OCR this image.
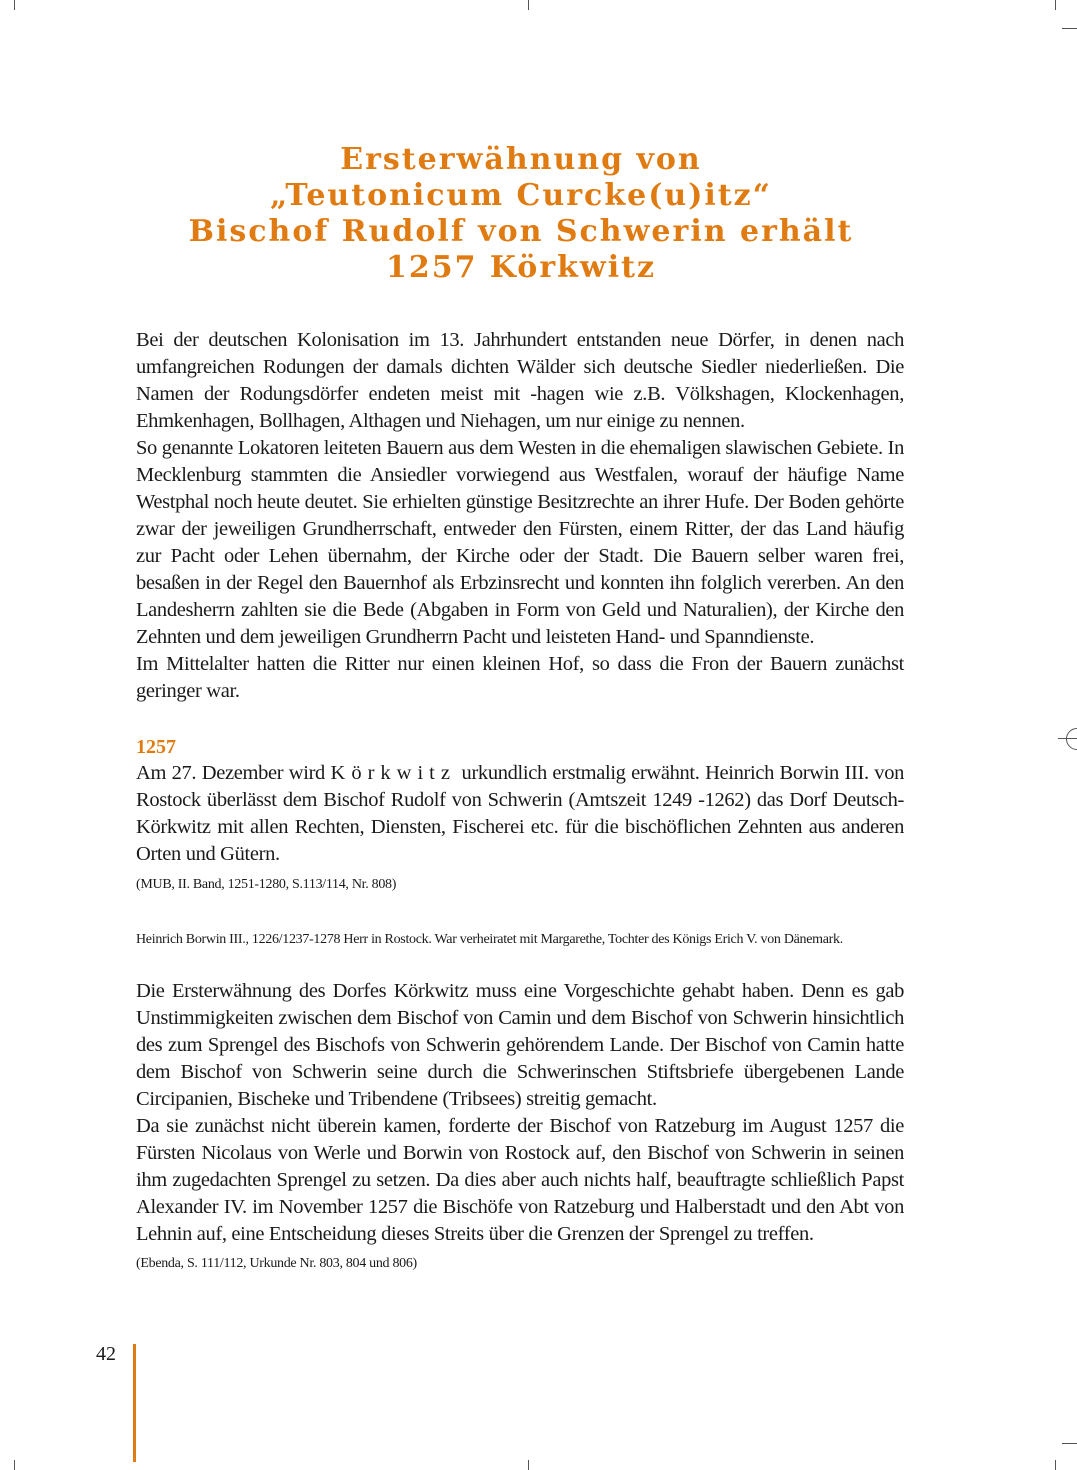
Ersterwähnung von
„Teutonicum Curcke(u)itz“
Bischof Rudolf von Schwerin erhält
1257 Körkwitz

Bei der deutschen Kolonisation im 13. Jahrhundert entstanden neue Dörfer, in denen nach umfangreichen Rodungen der damals dichten Wälder sich deutsche Siedler niederließen. Die Namen der Rodungsdörfer endeten meist mit -hagen wie z.B. Völkshagen, Klockenhagen, Ehmkenhagen, Bollhagen, Althagen und Niehagen, um nur einige zu nennen.

So genannte Lokatoren leiteten Bauern aus dem Westen in die ehemaligen slawischen Gebiete. In Mecklenburg stammten die Ansiedler vorwiegend aus Westfalen, worauf der häufige Name Westphal noch heute deutet. Sie erhielten günstige Besitzrechte an ihrer Hufe. Der Boden gehörte zwar der jeweiligen Grundherrschaft, entweder den Fürsten, einem Ritter, der das Land häufig zur Pacht oder Lehen übernahm, der Kirche oder der Stadt. Die Bauern selber waren frei, besaßen in der Regel den Bauernhof als Erbzinsrecht und konnten ihn folglich vererben. An den Landesherrn zahlten sie die Bede (Abgaben in Form von Geld und Naturalien), der Kirche den Zehnten und dem jeweiligen Grundherrn Pacht und leisteten Hand- und Spanndienste.

Im Mittelalter hatten die Ritter nur einen kleinen Hof, so dass die Fron der Bauern zunächst geringer war.

1257

Am 27. Dezember wird Körkwitz urkundlich erstmalig erwähnt. Heinrich Borwin III. von Rostock überlässt dem Bischof Rudolf von Schwerin (Amtszeit 1249 -1262) das Dorf Deutsch-Körkwitz mit allen Rechten, Diensten, Fischerei etc. für die bischöflichen Zehnten aus anderen Orten und Gütern.

(MUB, II. Band, 1251-1280, S.113/114, Nr. 808)
Heinrich Borwin III., 1226/1237-1278 Herr in Rostock. War verheiratet mit Margarethe, Tochter des Königs Erich V. von Dänemark.

Die Ersterwähnung des Dorfes Körkwitz muss eine Vorgeschichte gehabt haben. Denn es gab Unstimmigkeiten zwischen dem Bischof von Camin und dem Bischof von Schwerin hinsichtlich des zum Sprengel des Bischofs von Schwerin gehörendem Lande. Der Bischof von Camin hatte dem Bischof von Schwerin seine durch die Schwerinschen Stiftsbriefe übergebenen Lande Circipanien, Bischeke und Tribendene (Tribsees) streitig gemacht.

Da sie zunächst nicht überein kamen, forderte der Bischof von Ratzeburg im August 1257 die Fürsten Nicolaus von Werle und Borwin von Rostock auf, den Bischof von Schwerin in seinen ihm zugedachten Sprengel zu setzen. Da dies aber auch nichts half, beauftragte schließlich Papst Alexander IV. im November 1257 die Bischöfe von Ratzeburg und Halberstadt und den Abt von Lehnin auf, eine Entscheidung dieses Streits über die Grenzen der Sprengel zu treffen.

(Ebenda, S. 111/112, Urkunde Nr. 803, 804 und 806)
42
